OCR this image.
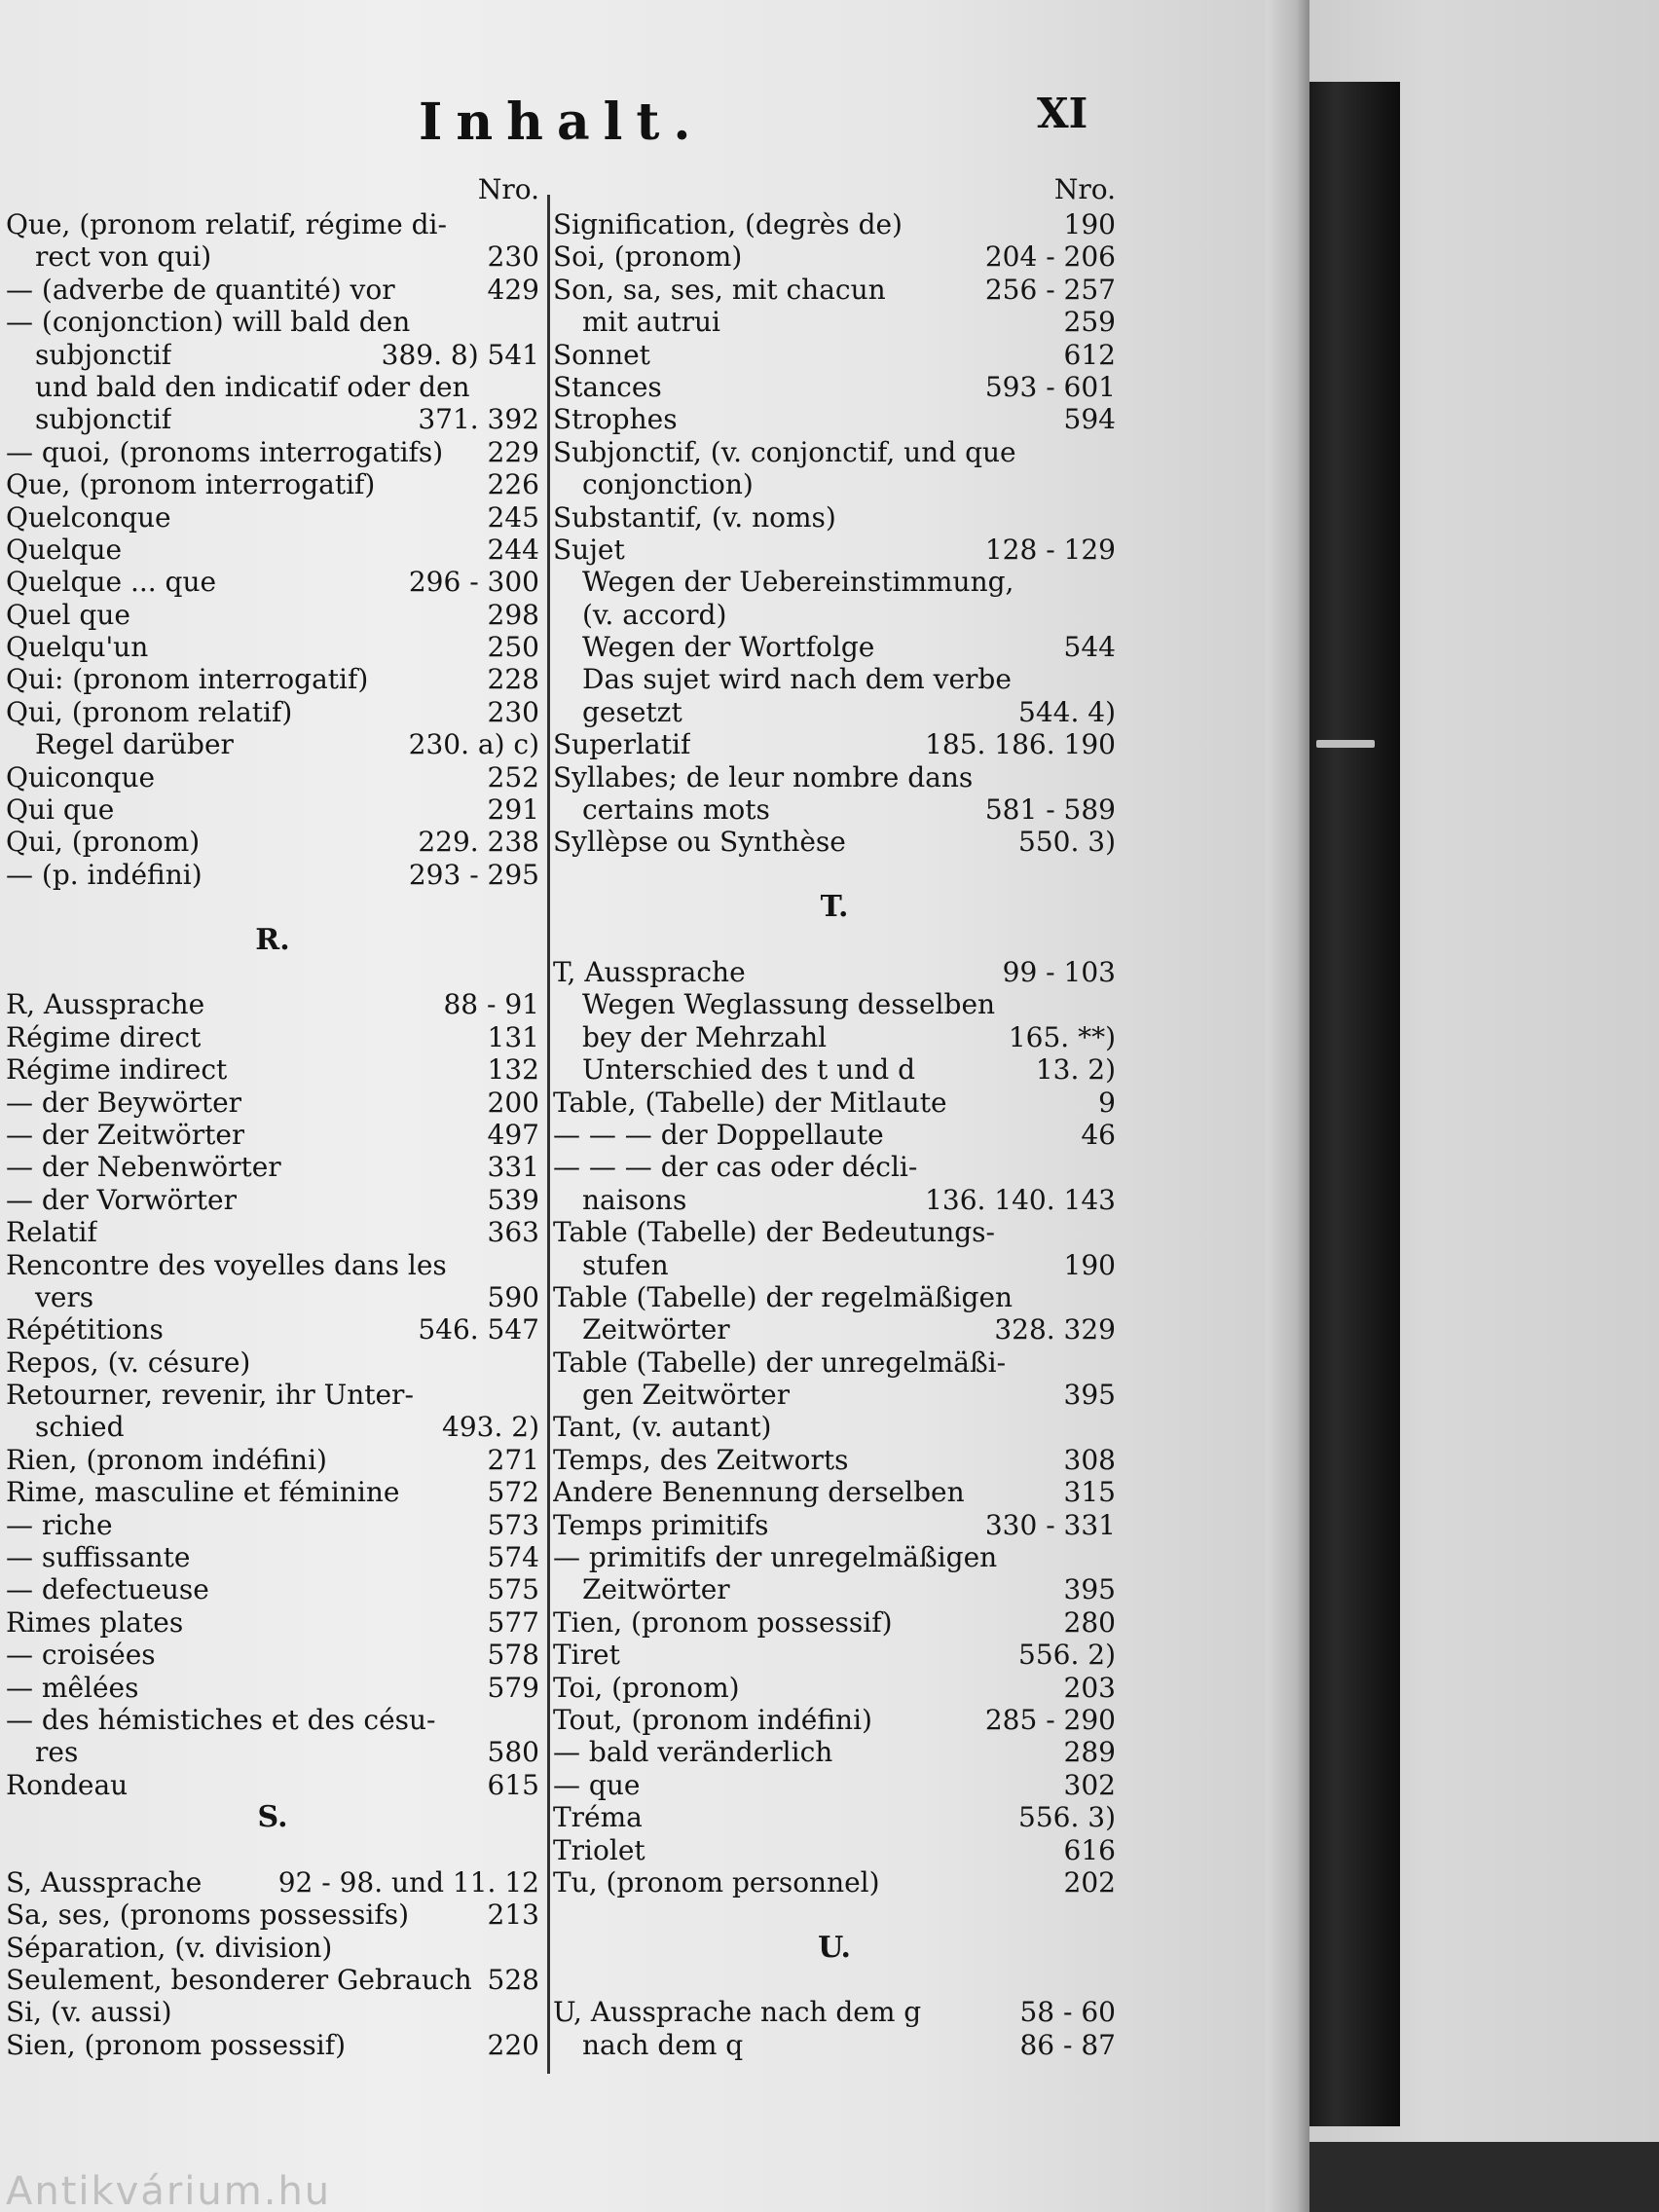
Inhalt.	XI
Nro.
Que, (pronom relatif, régime di-
rect von qui)	230
— (adverbe de quantité) vor	429
— (conjonction) will bald den
subjonctif	389. 8) 541
und bald den indicatif oder den
subjonctif	371. 392
— quoi, (pronoms interrogatifs) 229
Que, (pronom interrogatif)	226
Quelconque	245
Quelque	244
Quelque ... que	296 - 300
Quel que	298
Quelqu'un	250
Qui: (pronom interrogatif)	228
Qui, (pronom relatif)	230
Regel darüber	230. a) c)
Quiconque	252
Qui que	291
Qui, (pronom)	229. 238
— (p. indéfini)	293 - 295
R.
R, Aussprache	88 - 91
Régime direct	131
Régime indirect	132
— der Beywörter	200
— der Zeitwörter	497
— der Nebenwörter	331
— der Vorwörter	539
Relatif	363
Rencontre des voyelles dans les
vers	590
Répétitions	546. 547
Repos, (v. césure)
Retourner, revenir, ihr Unter-
schied	493. 2)
Rien, (pronom indéfini)	271
Rime, masculine et féminine	572
— riche	573
— suffissante	574
— defectueuse	575
Rimes plates	577
— croisées	578
— mêlées	579
— des hémistiches et des césu-
res	580
Rondeau	615
S.
S, Aussprache	92 - 98. und 11. 12
Sa, ses, (pronoms possessifs)	213
Séparation, (v. division)
Seulement, besonderer Gebrauch 528
Si, (v. aussi)
Sien, (pronom possessif)	220
Nro.
Signification, (degrès de)	190
Soi, (pronom)	204 - 206
Son, sa, ses, mit chacun	256 - 257
mit autrui	259
Sonnet	612
Stances	593 - 601
Strophes	594
Subjonctif, (v. conjonctif, und que
conjonction)
Substantif, (v. noms)
Sujet	128 - 129
Wegen der Uebereinstimmung,
(v. accord)
Wegen der Wortfolge	544
Das sujet wird nach dem verbe
gesetzt	544. 4)
Superlatif	185. 186. 190
Syllabes; de leur nombre dans
certains mots	581 - 589
Syllèpse ou Synthèse	550. 3)
T.
T, Aussprache	99 - 103
Wegen Weglassung desselben
bey der Mehrzahl	165. **)
Unterschied des t und d	13. 2)
Table, (Tabelle) der Mitlaute	9
— — — der Doppellaute	46
— — — der cas oder décli-
naisons	136. 140. 143
Table (Tabelle) der Bedeutungs-
stufen	190
Table (Tabelle) der regelmäßigen
Zeitwörter	328. 329
Table (Tabelle) der unregelmäßi-
gen Zeitwörter	395
Tant, (v. autant)
Temps, des Zeitworts	308
Andere Benennung derselben	315
Temps primitifs	330 - 331
— primitifs der unregelmäßigen
Zeitwörter	395
Tien, (pronom possessif)	280
Tiret	556. 2)
Toi, (pronom)	203
Tout, (pronom indéfini)	285 - 290
— bald veränderlich	289
— que	302
Tréma	556. 3)
Triolet	616
Tu, (pronom personnel)	202
U.
U, Aussprache nach dem g	58 - 60
nach dem q	86 - 87
Antikvárium.hu
